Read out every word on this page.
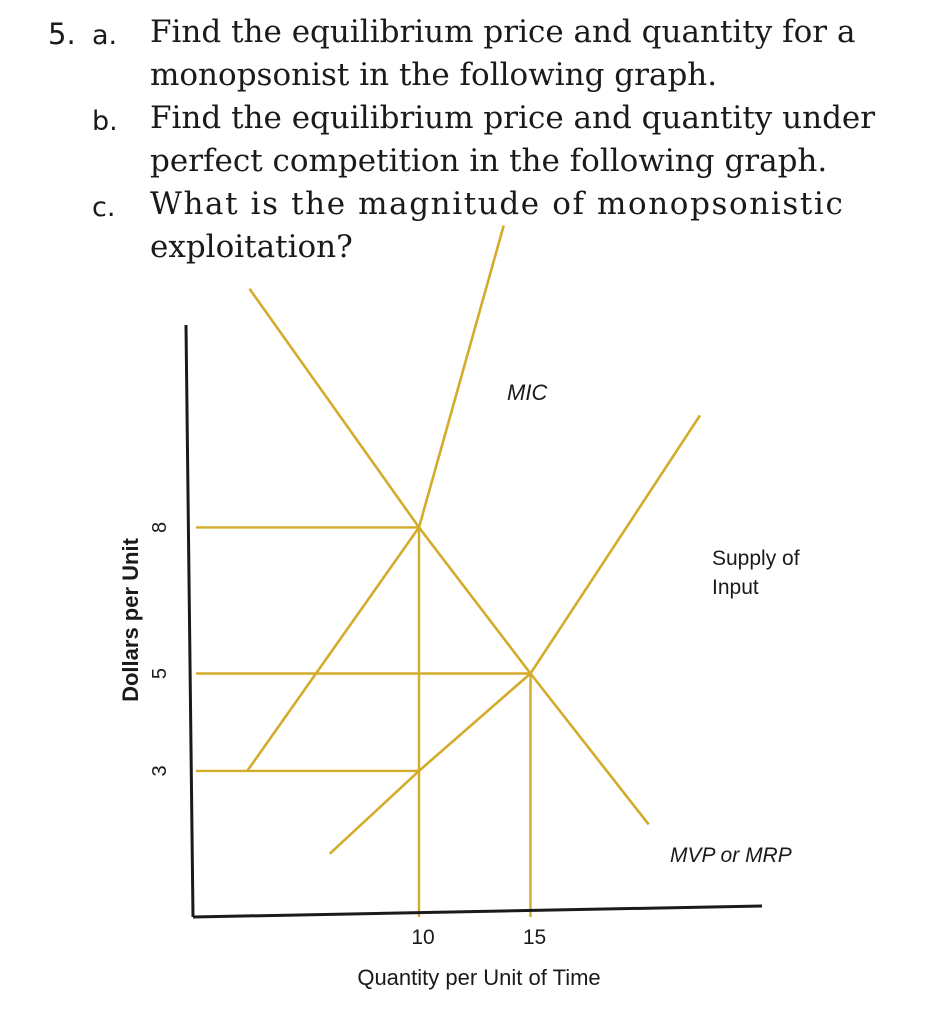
5. a. Find the equilibrium price and quantity for a
monopsonist in the following graph.
b. Find the equilibrium price and quantity under
perfect competition in the following graph.
c. What is the magnitude of monopsonistic
exploitation?
8
5
3
10	15
Quantity per Unit of Time
Dollars per Unit
MIC
Supply of
Input
MVP or MRP
